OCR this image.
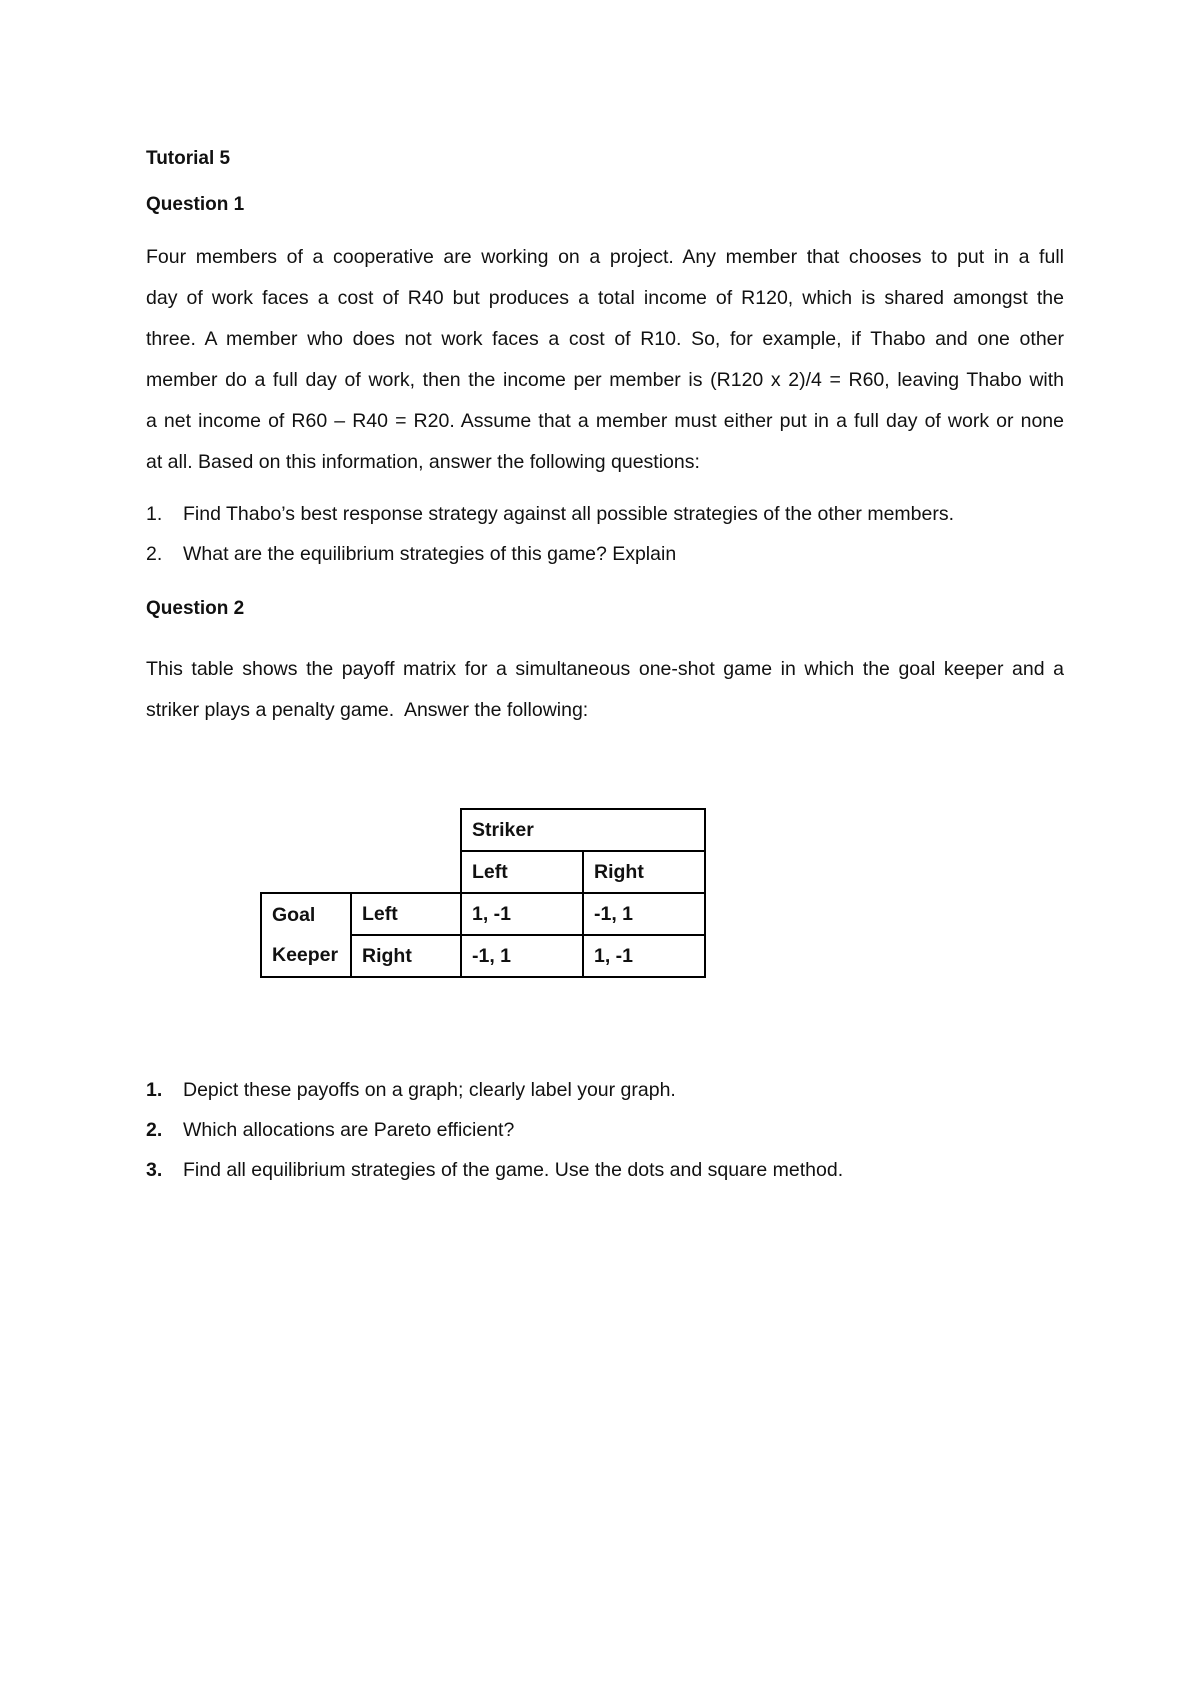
Tutorial 5
Question 1
Four members of a cooperative are working on a project. Any member that chooses to put in a full
day of work faces a cost of R40 but produces a total income of R120, which is shared amongst the
three. A member who does not work faces a cost of R10. So, for example, if Thabo and one other
member do a full day of work, then the income per member is (R120 x 2)/4 = R60, leaving Thabo with
a net income of R60 – R40 = R20. Assume that a member must either put in a full day of work or none
at all. Based on this information, answer the following questions:
1. Find Thabo’s best response strategy against all possible strategies of the other members.
2. What are the equilibrium strategies of this game? Explain
Question 2
This table shows the payoff matrix for a simultaneous one-shot game in which the goal keeper and a
striker plays a penalty game.  Answer the following:
		Striker	
		Left	Right

Goal
Keeper	Left	1, -1	-1, 1
	Right	-1, 1	1, -1
1. Depict these payoffs on a graph; clearly label your graph.
2. Which allocations are Pareto efficient?
3. Find all equilibrium strategies of the game. Use the dots and square method.
